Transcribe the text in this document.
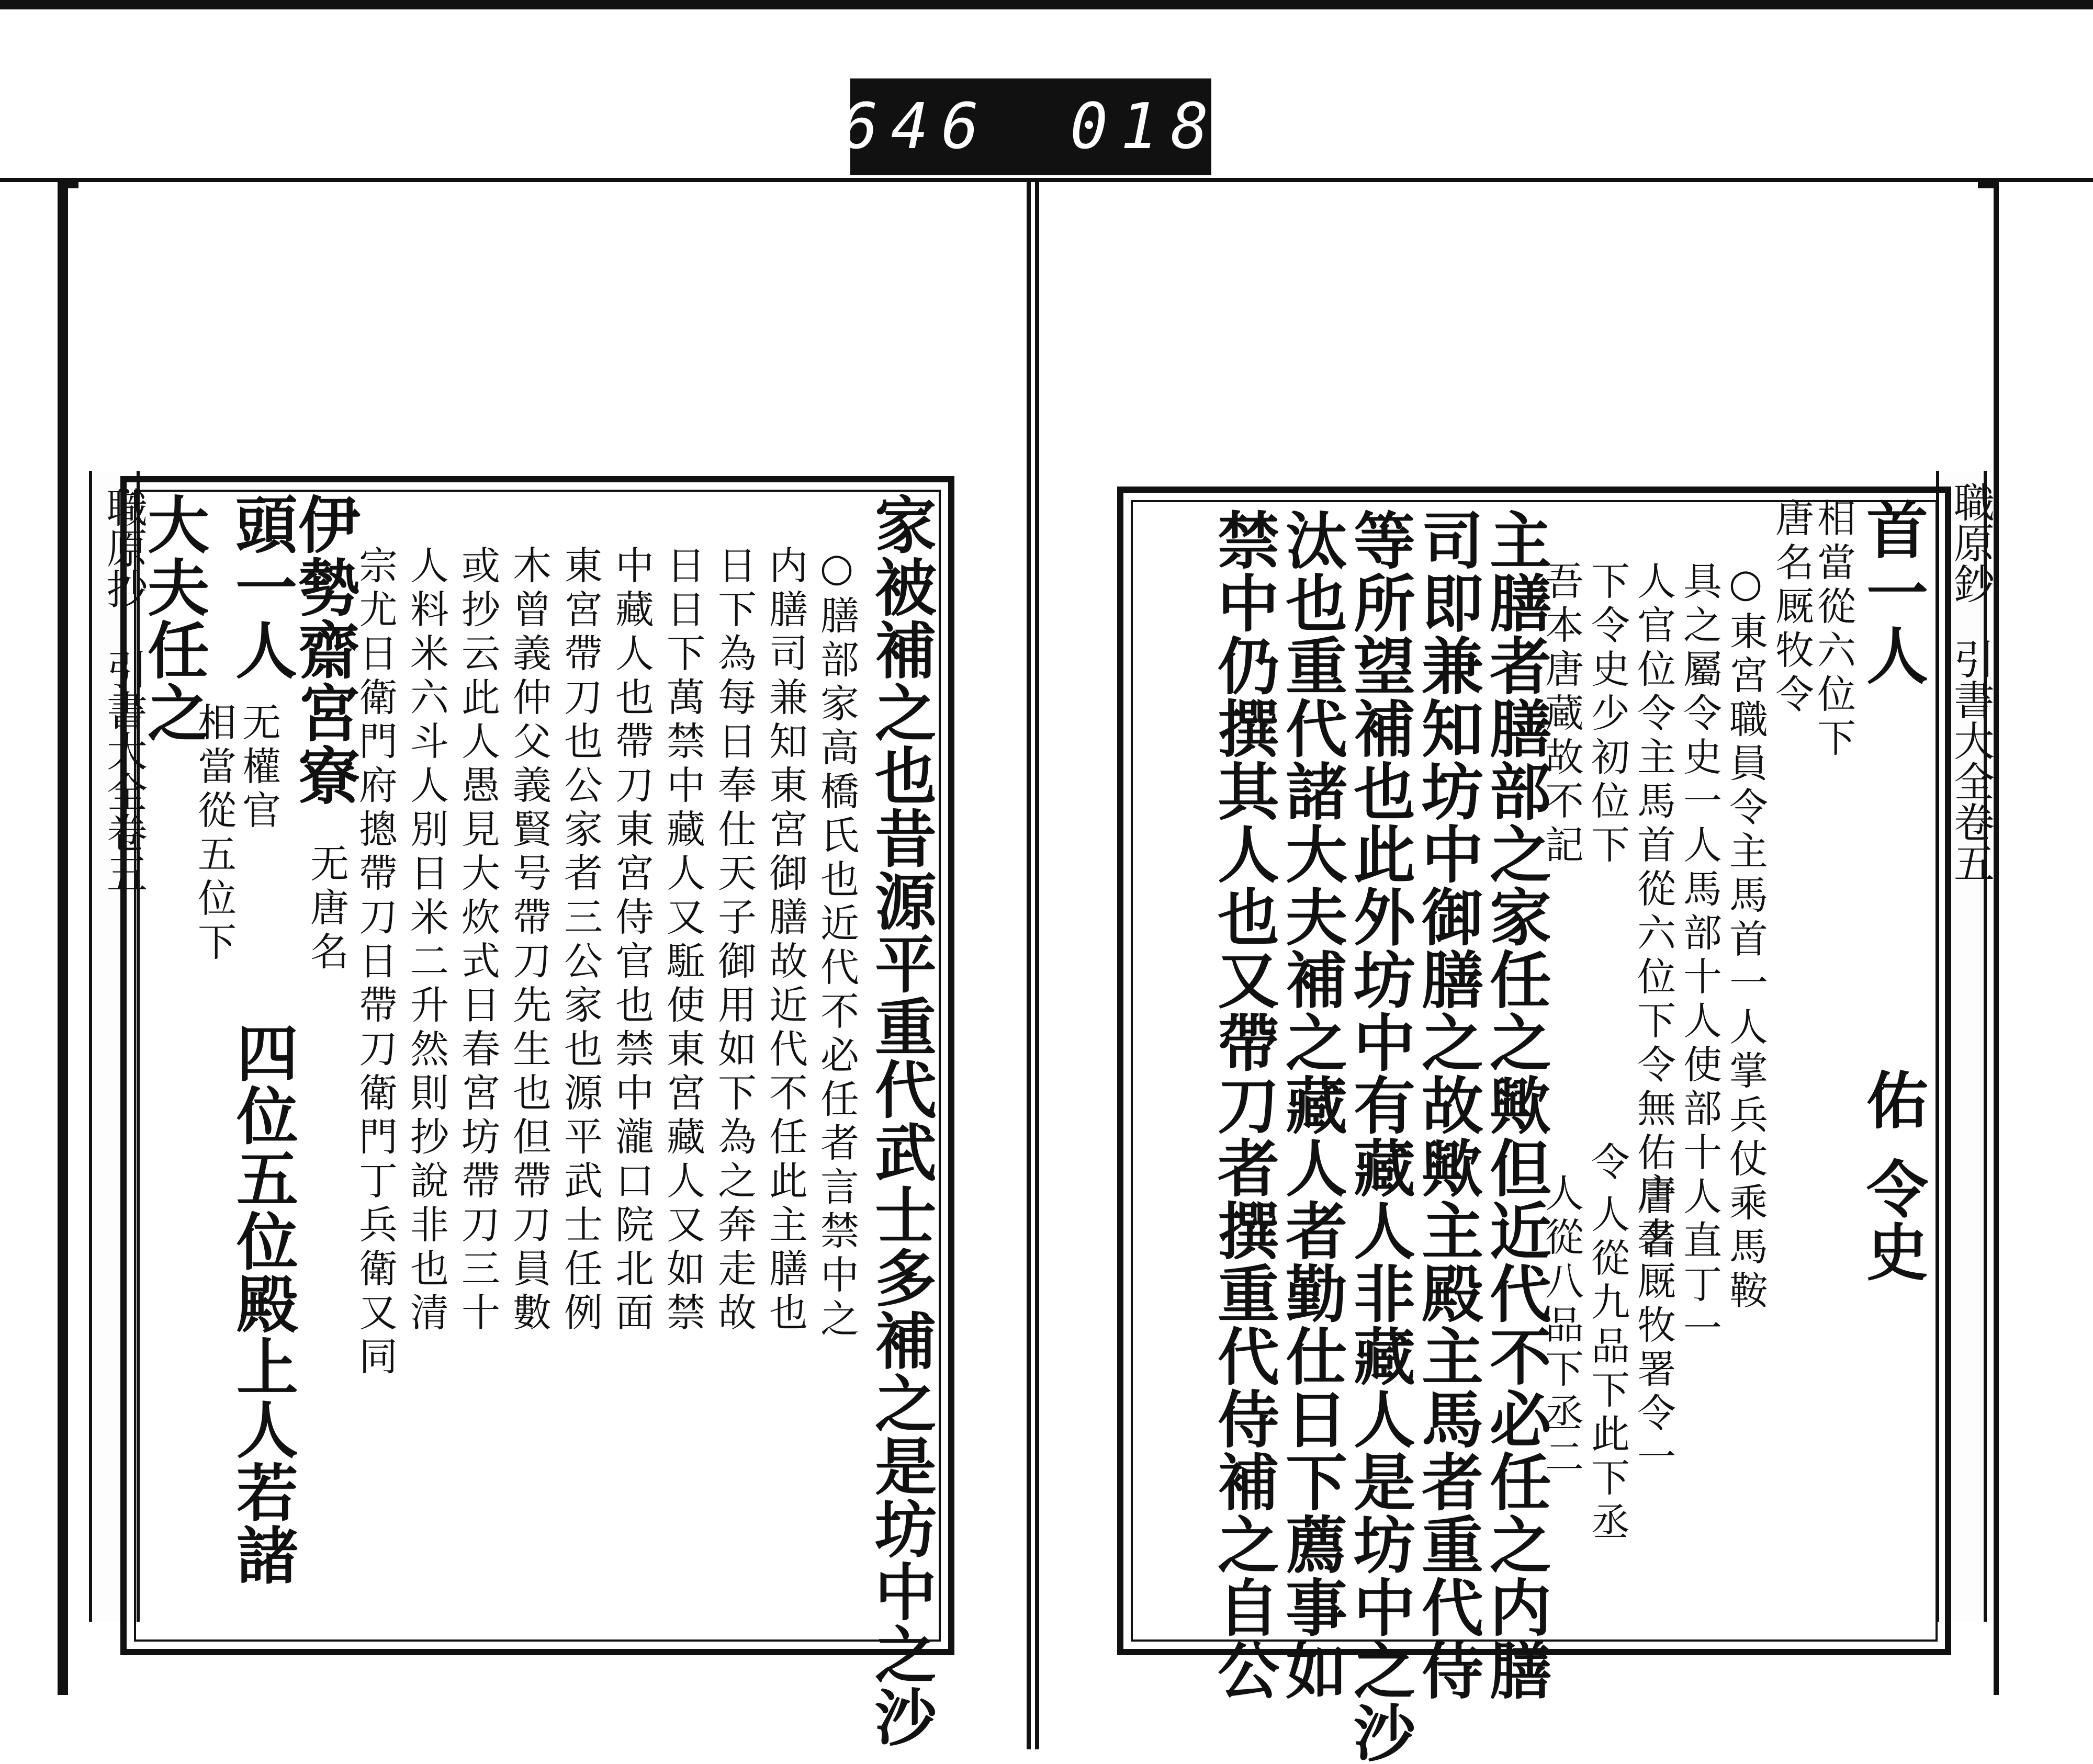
646 018
職原抄
引書大全卷五
職原鈔
引書大全卷五
家被補之也昔源平重代武士多補之是坊中之沙
○膳部家高橋氏也近代不必任者言禁中之
内膳司兼知東宮御膳故近代不任此主膳也
日下為每日奉仕天子御用如下為之奔走故
日日下萬禁中藏人又駈使東宮藏人又如禁
中藏人也帶刀東宮侍官也禁中瀧口院北面
東宮帶刀也公家者三公家也源平武士任例
木曾義仲父義賢号帶刀先生也但帶刀員數
或抄云此人愚見大炊式日春宮坊帶刀三十
人料米六斗人別日米二升然則抄說非也清
宗尤日衛門府摠帶刀日帶刀衛門丁兵衛又同
伊勢齋宮寮
无唐名
頭一人
无權官
相當從五位下
四位五位殿上人若諸
大夫任之	首一人
相當從六位下
唐名厩牧令
佑
令史
○東宮職員令主馬首一人掌兵仗乘馬鞍
具之屬令史一人馬部十人使部十人直丁一
人官位令主馬首從六位下令無佑唐名
下令史少初位下
令
唐書厩牧署令一
人從九品下此下丞
人從八品下丞二
吾本唐蔵故不記
主膳者膳部之家任之歟但近代不必任之内膳
司即兼知坊中御膳之故歟主殿主馬者重代侍
等所望補也此外坊中有藏人非藏人是坊中之沙
汰也重代諸大夫補之藏人者勤仕日下薦事如
禁中仍撰其人也又帶刀者撰重代侍補之自公
